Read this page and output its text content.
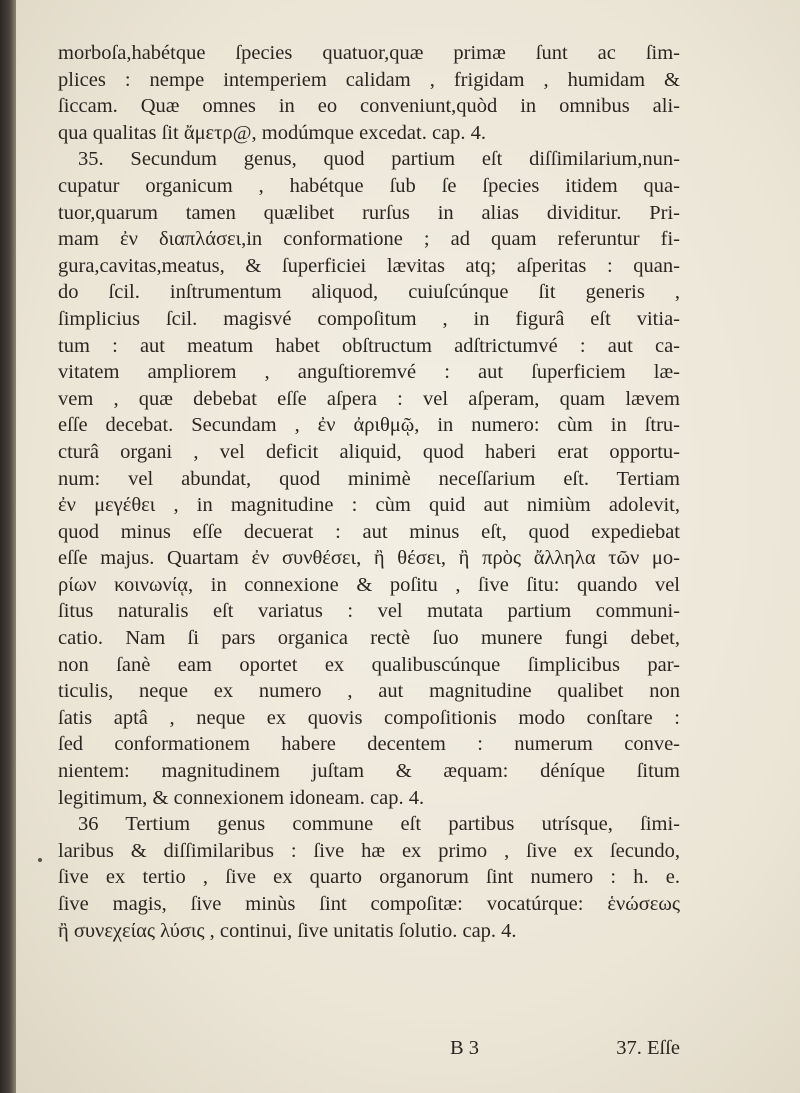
morboſa,habétque ſpecies quatuor,quæ primæ ſunt ac ſim-
plices : nempe intemperiem calidam , frigidam , humidam &
ſiccam. Quæ omnes in eo conveniunt,quòd in omnibus ali-
qua qualitas ſit ἄμετρ@, modúmque excedat. cap. 4.
35. Secundum genus, quod partium eſt diſſimilarium,nun-
cupatur organicum , habétque ſub ſe ſpecies itidem qua-
tuor,quarum tamen quælibet rurſus in alias dividitur. Pri-
mam ἐν διαπλάσει,in conformatione ; ad quam referuntur fi-
gura,cavitas,meatus, & ſuperficiei lævitas atq; aſperitas : quan-
do ſcil. inſtrumentum aliquod, cuiuſcúnque ſit generis ,
ſimplicius ſcil. magisvé compoſitum , in figurâ eſt vitia-
tum : aut meatum habet obſtructum adſtrictumvé : aut ca-
vitatem ampliorem , anguſtioremvé : aut ſuperficiem læ-
vem , quæ debebat eſſe aſpera : vel aſperam, quam lævem
eſſe decebat. Secundam , ἐν ἀριθμῷ, in numero: cùm in ſtru-
cturâ organi , vel deficit aliquid, quod haberi erat opportu-
num: vel abundat, quod minimè neceſſarium eſt. Tertiam
ἐν μεγέθει , in magnitudine : cùm quid aut nimiùm adolevit,
quod minus eſſe decuerat : aut minus eſt, quod expediebat
eſſe majus. Quartam ἐν συνθέσει, ἢ θέσει, ἢ πρὸς ἄλληλα τῶν μο-
ρίων κοινωνίᾳ, in connexione & poſitu , ſive ſitu: quando vel
ſitus naturalis eſt variatus : vel mutata partium communi-
catio. Nam ſi pars organica rectè ſuo munere fungi debet,
non ſanè eam oportet ex qualibuscúnque ſimplicibus par-
ticulis, neque ex numero , aut magnitudine qualibet non
ſatis aptâ , neque ex quovis compoſitionis modo conſtare :
ſed conformationem habere decentem : numerum conve-
nientem: magnitudinem juſtam & æquam: déníque ſitum
legitimum, & connexionem idoneam. cap. 4.
36 Tertium genus commune eſt partibus utrísque, ſimi-
laribus & diſſimilaribus : ſive hæ ex primo , ſive ex ſecundo,
ſive ex tertio , ſive ex quarto organorum ſint numero : h. e.
ſive magis, ſive minùs ſint compoſitæ: vocatúrque: ἑνώσεως
ἢ συνεχείας λύσις , continui, ſive unitatis ſolutio. cap. 4.
B 3	37. Eſſe
